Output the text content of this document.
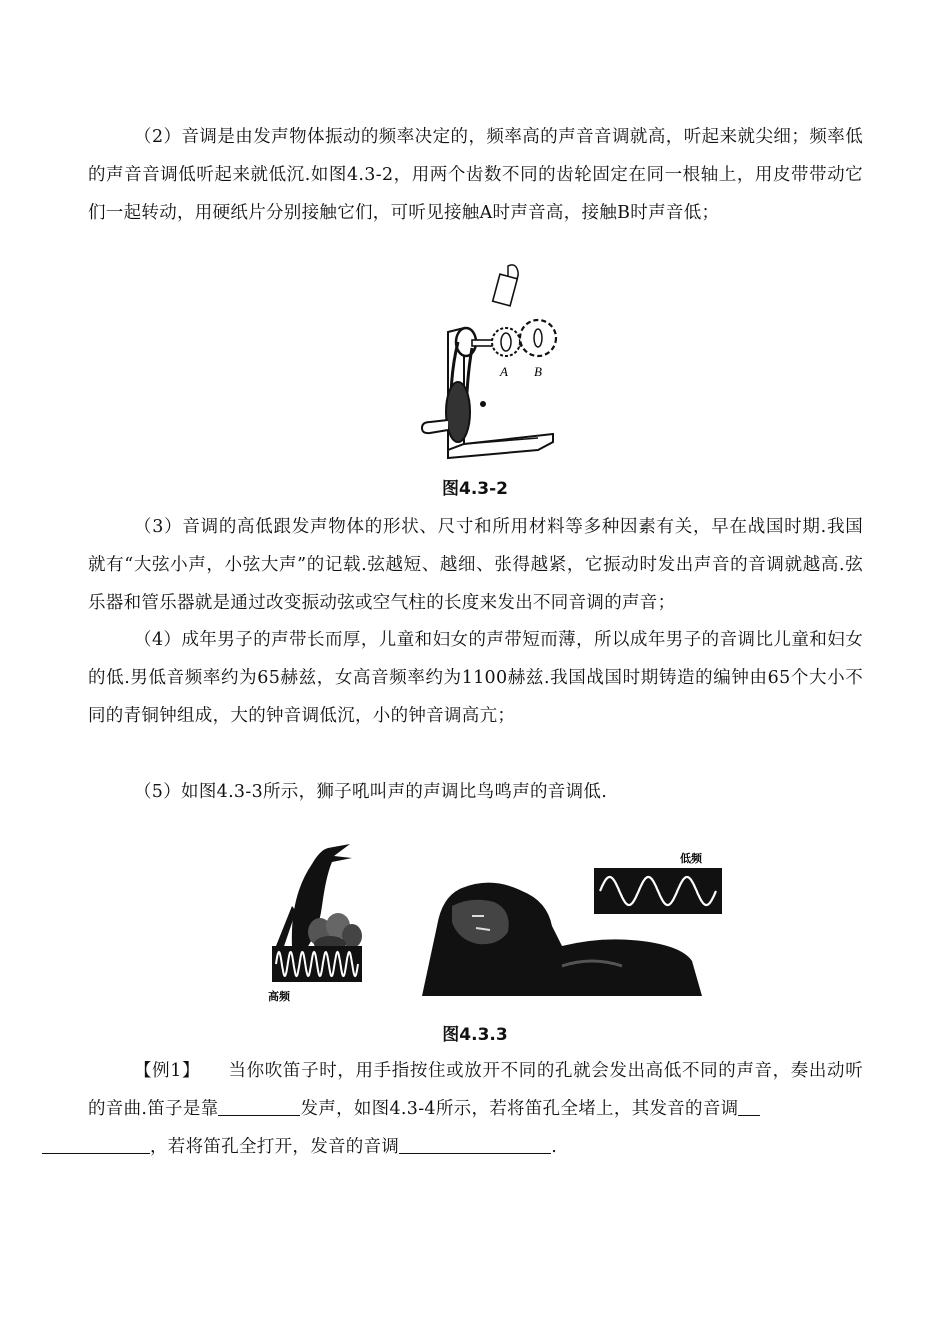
（2）音调是由发声物体振动的频率决定的，频率高的声音音调就高，听起来就尖细；频率低的声音音调低听起来就低沉.如图4.3-2，用两个齿数不同的齿轮固定在同一根轴上，用皮带带动它们一起转动，用硬纸片分别接触它们，可听见接触A时声音高，接触B时声音低；
A B
图4.3-2
（3）音调的高低跟发声物体的形状、尺寸和所用材料等多种因素有关，早在战国时期.我国就有“大弦小声，小弦大声”的记载.弦越短、越细、张得越紧，它振动时发出声音的音调就越高.弦乐器和管乐器就是通过改变振动弦或空气柱的长度来发出不同音调的声音；
（4）成年男子的声带长而厚，儿童和妇女的声带短而薄，所以成年男子的音调比儿童和妇女的低.男低音频率约为65赫兹，女高音频率约为1100赫兹.我国战国时期铸造的编钟由65个大小不同的青铜钟组成，大的钟音调低沉，小的钟音调高亢；
（5）如图4.3-3所示，狮子吼叫声的声调比鸟鸣声的音调低.
高频
低频
图4.3.3
【例1】 当你吹笛子时，用手指按住或放开不同的孔就会发出高低不同的声音，奏出动听的音曲.笛子是靠	发声，如图4.3-4所示，若将笛孔全堵上，其发音的音调
，若将笛孔全打开，发音的音调	.
